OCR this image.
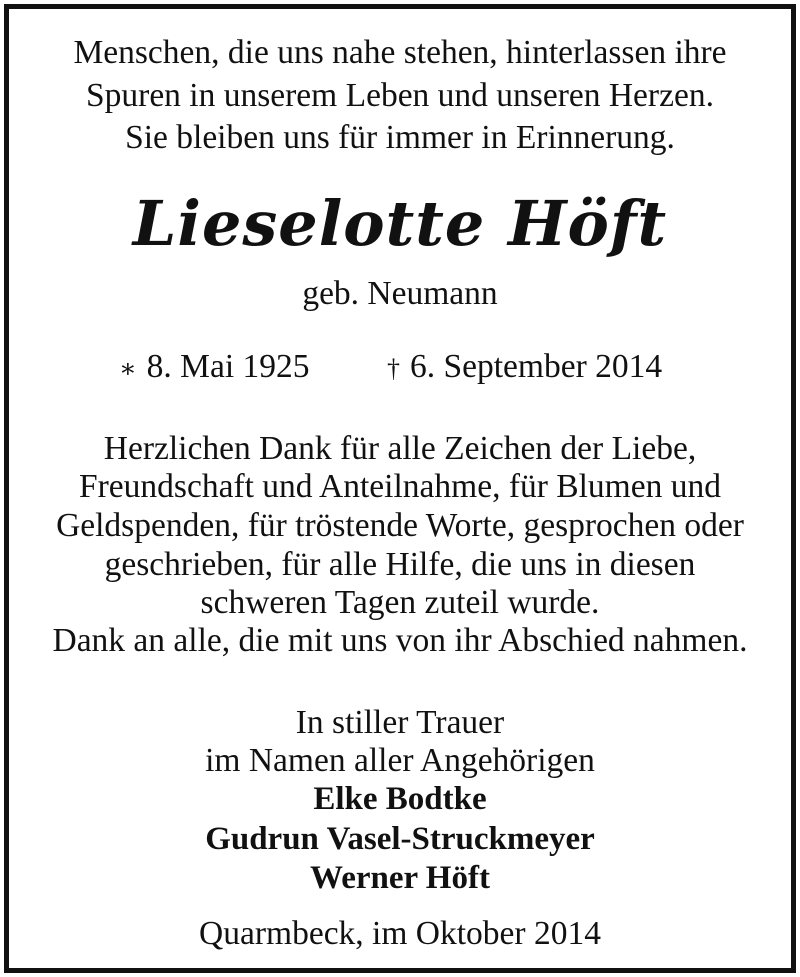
Menschen, die uns nahe stehen, hinterlassen ihre
Spuren in unserem Leben und unseren Herzen.
Sie bleiben uns für immer in Erinnerung.
Lieselotte Höft
geb. Neumann
∗ 8. Mai 1925	† 6. September 2014
Herzlichen Dank für alle Zeichen der Liebe,
Freundschaft und Anteilnahme, für Blumen und
Geldspenden, für tröstende Worte, gesprochen oder
geschrieben, für alle Hilfe, die uns in diesen
schweren Tagen zuteil wurde.
Dank an alle, die mit uns von ihr Abschied nahmen.
In stiller Trauer
im Namen aller Angehörigen
Elke Bodtke
Gudrun Vasel-Struckmeyer
Werner Höft
Quarmbeck, im Oktober 2014
